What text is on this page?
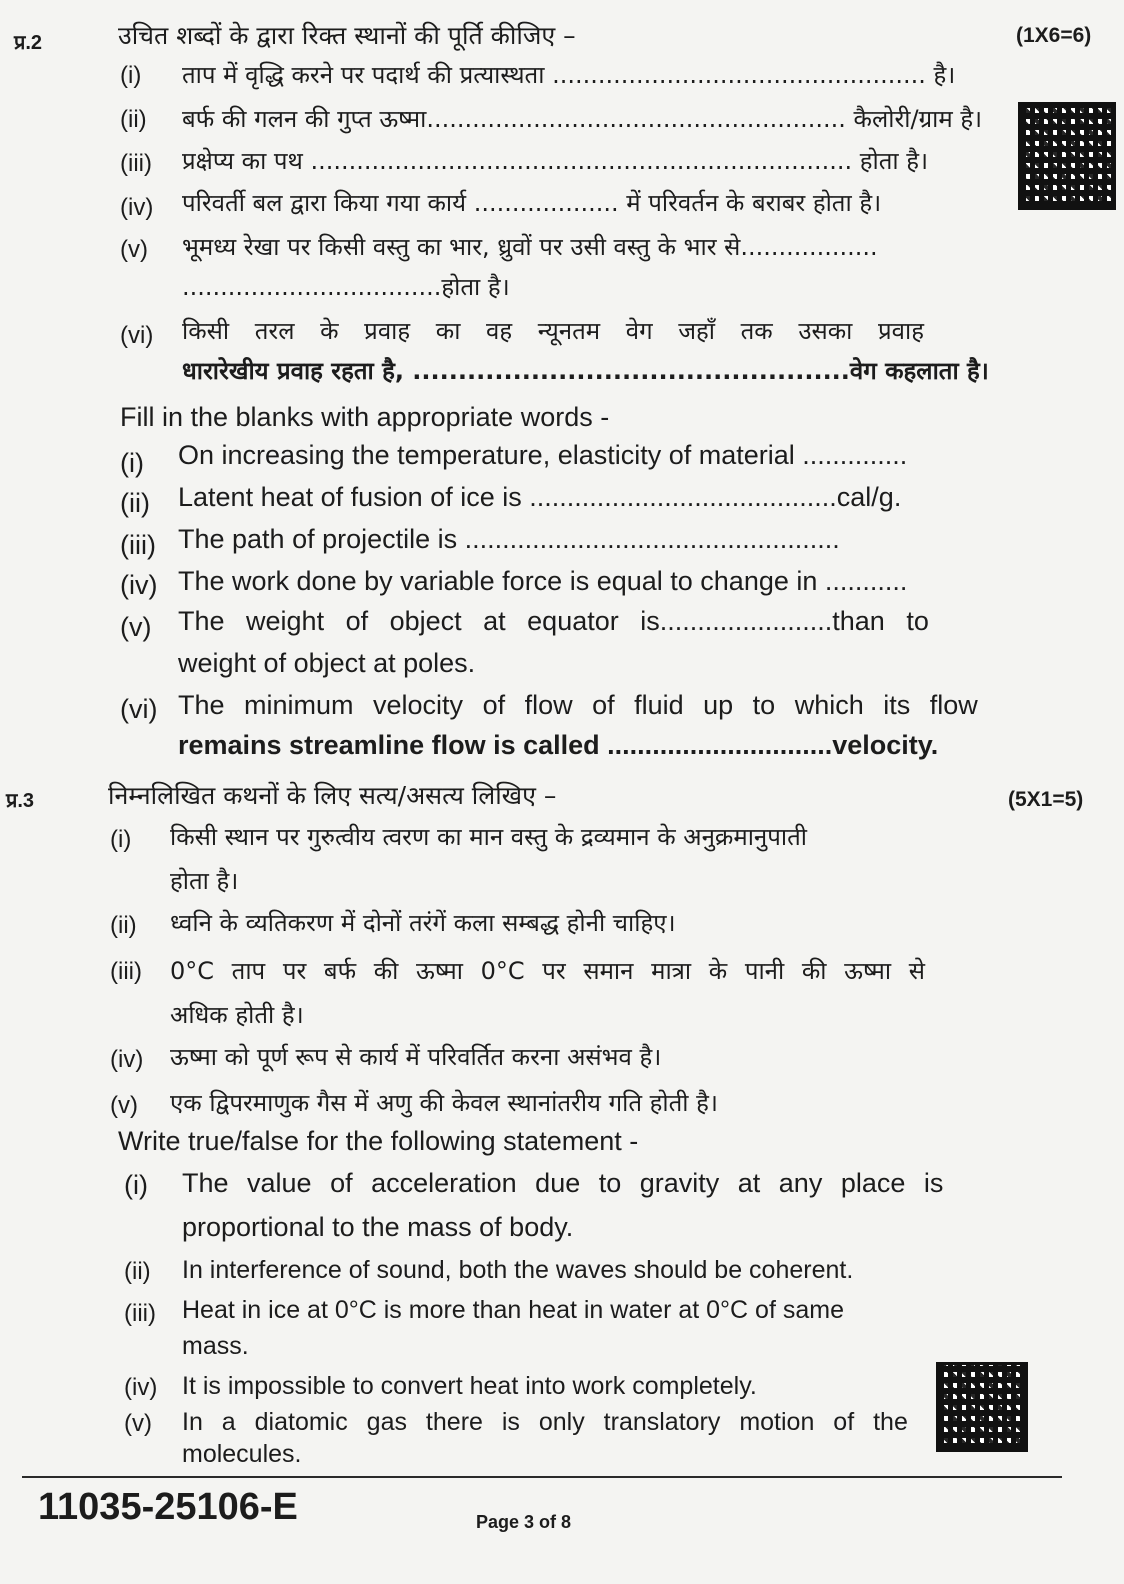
प्र.2	उचित शब्दों के द्वारा रिक्त स्थानों की पूर्ति कीजिए –	(1X6=6)
(i) ताप में वृद्धि करने पर पदार्थ की प्रत्यास्थता ................................................. है।
(ii) बर्फ की गलन की गुप्त ऊष्मा....................................................... कैलोरी/ग्राम है।
(iii) प्रक्षेप्य का पथ ....................................................................... होता है।
(iv) परिवर्ती बल द्वारा किया गया कार्य ................... में परिवर्तन के बराबर होता है।
(v) भूमध्य रेखा पर किसी वस्तु का भार, ध्रुवों पर उसी वस्तु के भार से..................
..................................होता है।
(vi) किसी तरल के प्रवाह का वह न्यूनतम वेग जहाँ तक उसका प्रवाह
धारारेखीय प्रवाह रहता है, ................................................वेग कहलाता है।
Fill in the blanks with appropriate words -
(i) On increasing the temperature, elasticity of material ..............
(ii) Latent heat of fusion of ice is .........................................cal/g.
(iii) The path of projectile is ..................................................
(iv) The work done by variable force is equal to change in ...........
(v) The weight of object at equator is.......................than to
weight of object at poles.
(vi) The minimum velocity of flow of fluid up to which its flow
remains streamline flow is called ..............................velocity.
प्र.3	निम्नलिखित कथनों के लिए सत्य/असत्य लिखिए –	(5X1=5)
(i) किसी स्थान पर गुरुत्वीय त्वरण का मान वस्तु के द्रव्यमान के अनुक्रमानुपाती
होता है।
(ii) ध्वनि के व्यतिकरण में दोनों तरंगें कला सम्बद्ध होनी चाहिए।
(iii) 0°C ताप पर बर्फ की ऊष्मा 0°C पर समान मात्रा के पानी की ऊष्मा से
अधिक होती है।
(iv) ऊष्मा को पूर्ण रूप से कार्य में परिवर्तित करना असंभव है।
(v) एक द्विपरमाणुक गैस में अणु की केवल स्थानांतरीय गति होती है।
Write true/false for the following statement -
(i) The value of acceleration due to gravity at any place is
proportional to the mass of body.
(ii) In interference of sound, both the waves should be coherent.
(iii) Heat in ice at 0°C is more than heat in water at 0°C of same
mass.
(iv) It is impossible to convert heat into work completely.
(v) In a diatomic gas there is only translatory motion of the
molecules.
11035-25106-E	Page 3 of 8
